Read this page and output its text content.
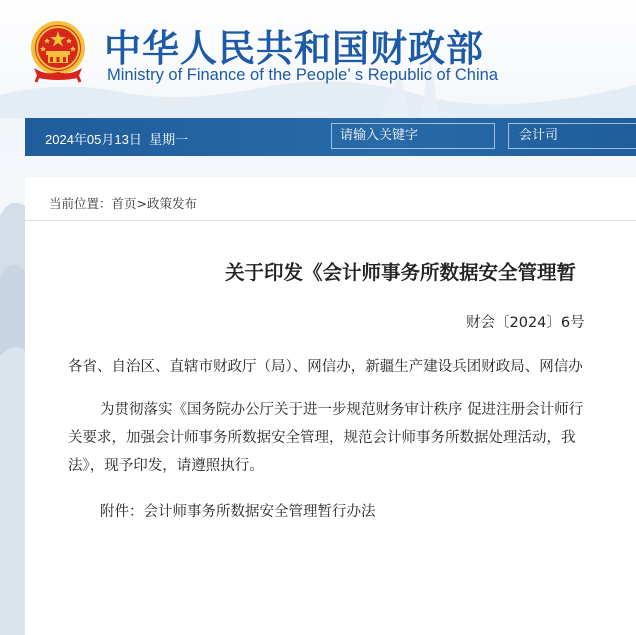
中华人民共和国财政部
Ministry of Finance of the People’ s Republic of China
2024年05月13日 星期一	请输入关键字	会计司
当前位置：首页>政策发布
关于印发《会计师事务所数据安全管理暂
财会〔2024〕6号

各省、自治区、直辖市财政厅（局）、网信办，新疆生产建设兵团财政局、网信办

为贯彻落实《国务院办公厅关于进一步规范财务审计秩序 促进注册会计师行

关要求，加强会计师事务所数据安全管理，规范会计师事务所数据处理活动，我

法》，现予印发，请遵照执行。

附件：会计师事务所数据安全管理暂行办法
